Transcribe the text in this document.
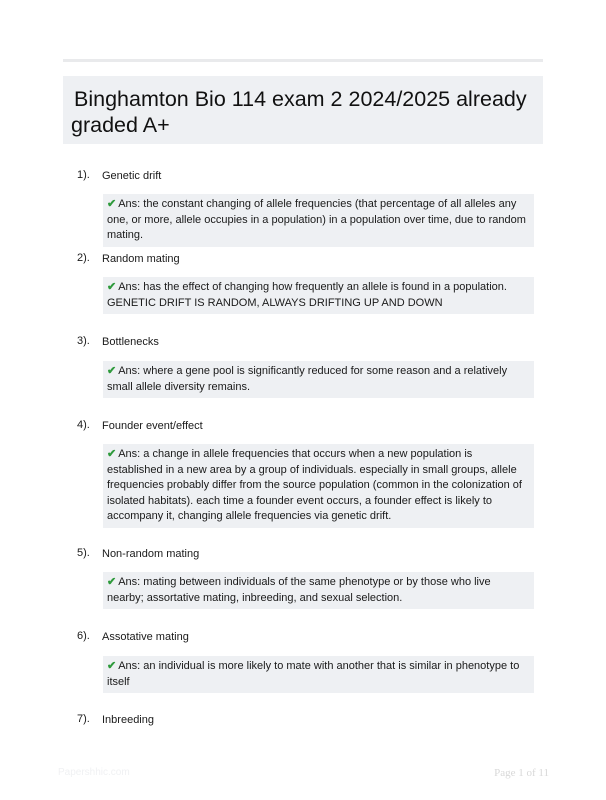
Binghamton Bio 114 exam 2 2024/2025 already graded A+
1).	Genetic drift
✔ Ans: the constant changing of allele frequencies (that percentage of all alleles any one, or more, allele occupies in a population) in a population over time, due to random mating.
2).	Random mating
✔ Ans: has the effect of changing how frequently an allele is found in a population. GENETIC DRIFT IS RANDOM, ALWAYS DRIFTING UP AND DOWN
3).	Bottlenecks
✔ Ans: where a gene pool is significantly reduced for some reason and a relatively small allele diversity remains.
4).	Founder event/effect
✔ Ans: a change in allele frequencies that occurs when a new population is established in a new area by a group of individuals. especially in small groups, allele frequencies probably differ from the source population (common in the colonization of isolated habitats). each time a founder event occurs, a founder effect is likely to accompany it, changing allele frequencies via genetic drift.
5).	Non-random mating
✔ Ans: mating between individuals of the same phenotype or by those who live nearby; assortative mating, inbreeding, and sexual selection.
6).	Assotative mating
✔ Ans: an individual is more likely to mate with another that is similar in phenotype to itself
7).	Inbreeding
Papershhic.com	Page 1 of 11
